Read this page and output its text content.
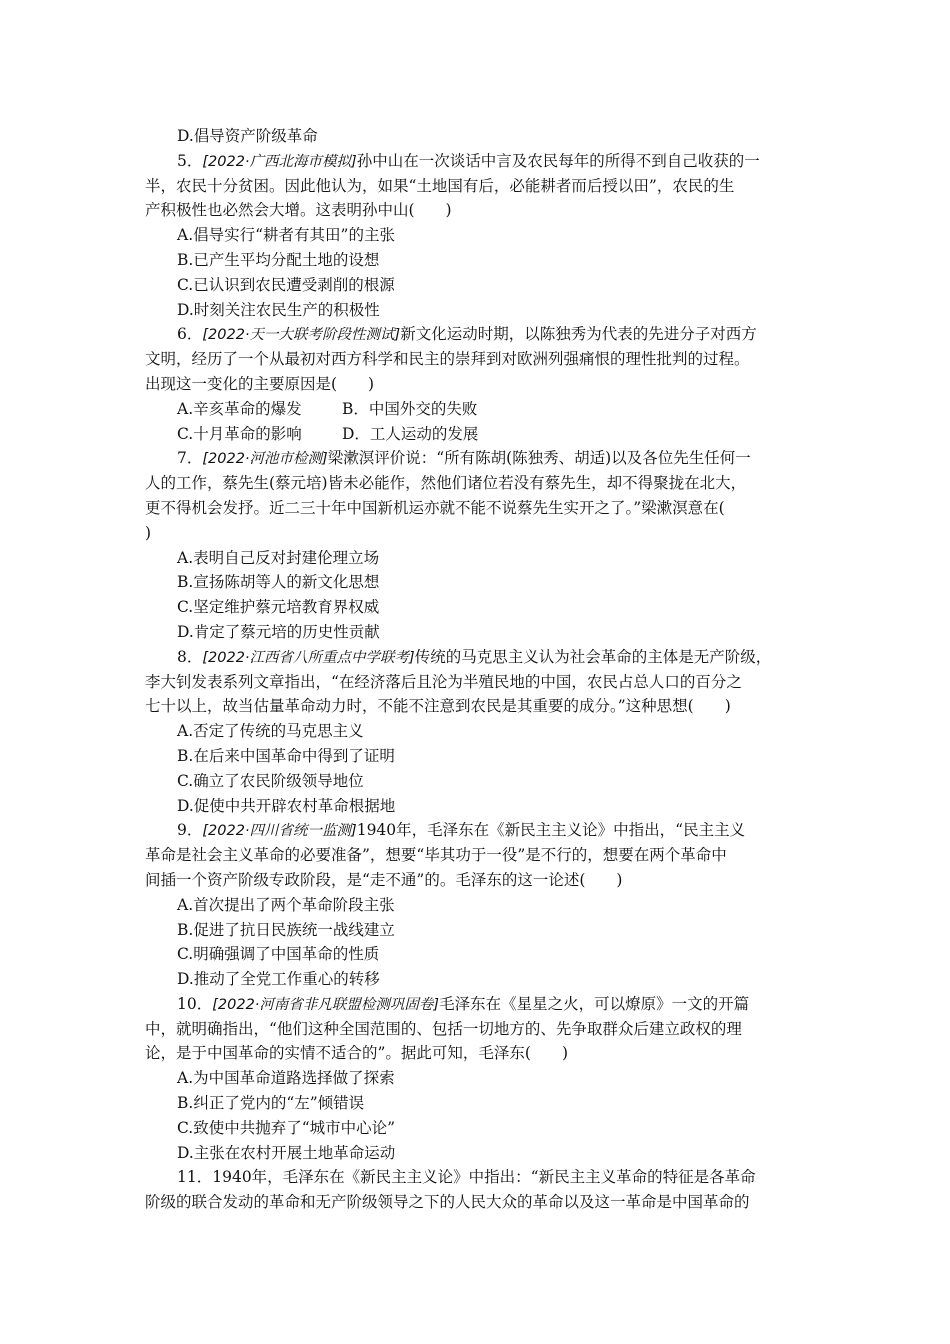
D.倡导资产阶级革命
5．[2022·广西北海市模拟]孙中山在一次谈话中言及农民每年的所得不到自己收获的一
半，农民十分贫困。因此他认为，如果“土地国有后，必能耕者而后授以田”，农民的生
产积极性也必然会大增。这表明孙中山(　　)
A.倡导实行“耕者有其田”的主张
B.已产生平均分配土地的设想
C.已认识到农民遭受剥削的根源
D.时刻关注农民生产的积极性
6．[2022·天一大联考阶段性测试]新文化运动时期，以陈独秀为代表的先进分子对西方
文明，经历了一个从最初对西方科学和民主的崇拜到对欧洲列强痛恨的理性批判的过程。
出现这一变化的主要原因是(　　)
A.辛亥革命的爆发	B．中国外交的失败
C.十月革命的影响	D．工人运动的发展
7．[2022·河池市检测]梁漱溟评价说：“所有陈胡(陈独秀、胡适)以及各位先生任何一
人的工作，蔡先生(蔡元培)皆未必能作，然他们诸位若没有蔡先生，却不得聚拢在北大，
更不得机会发抒。近二三十年中国新机运亦就不能不说蔡先生实开之了。”梁漱溟意在(
)
A.表明自己反对封建伦理立场
B.宣扬陈胡等人的新文化思想
C.坚定维护蔡元培教育界权威
D.肯定了蔡元培的历史性贡献
8．[2022·江西省八所重点中学联考]传统的马克思主义认为社会革命的主体是无产阶级，
李大钊发表系列文章指出，“在经济落后且沦为半殖民地的中国，农民占总人口的百分之
七十以上，故当估量革命动力时，不能不注意到农民是其重要的成分。”这种思想(　　)
A.否定了传统的马克思主义
B.在后来中国革命中得到了证明
C.确立了农民阶级领导地位
D.促使中共开辟农村革命根据地
9．[2022·四川省统一监测]1940年，毛泽东在《新民主主义论》中指出，“民主主义
革命是社会主义革命的必要准备”，想要“毕其功于一役”是不行的，想要在两个革命中
间插一个资产阶级专政阶段，是“走不通”的。毛泽东的这一论述(　　)
A.首次提出了两个革命阶段主张
B.促进了抗日民族统一战线建立
C.明确强调了中国革命的性质
D.推动了全党工作重心的转移
10．[2022·河南省非凡联盟检测巩固卷]毛泽东在《星星之火，可以燎原》一文的开篇
中，就明确指出，“他们这种全国范围的、包括一切地方的、先争取群众后建立政权的理
论，是于中国革命的实情不适合的”。据此可知，毛泽东(　　)
A.为中国革命道路选择做了探索
B.纠正了党内的“左”倾错误
C.致使中共抛弃了“城市中心论”
D.主张在农村开展土地革命运动
11．1940年，毛泽东在《新民主主义论》中指出：“新民主主义革命的特征是各革命
阶级的联合发动的革命和无产阶级领导之下的人民大众的革命以及这一革命是中国革命的
